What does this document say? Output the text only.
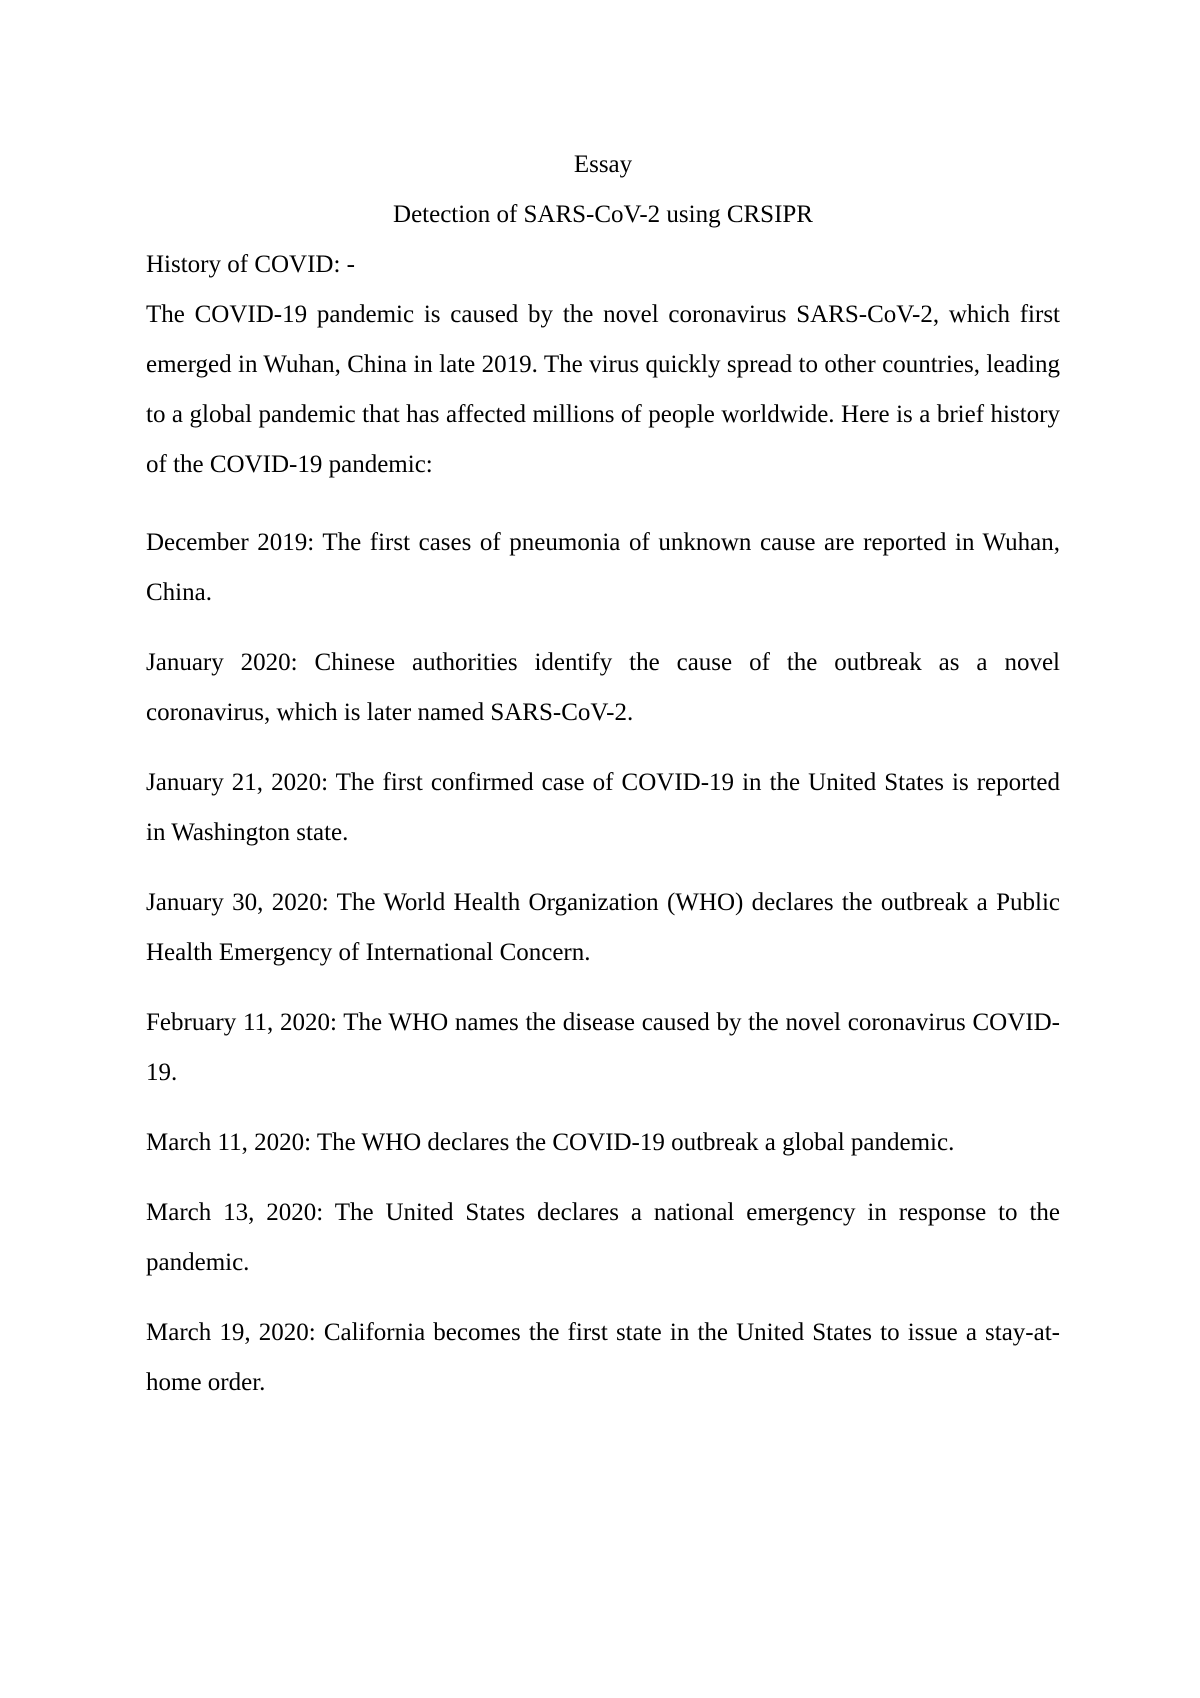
Essay

Detection of SARS-CoV-2 using CRSIPR

History of COVID: -

The COVID-19 pandemic is caused by the novel coronavirus SARS-CoV-2, which first emerged in Wuhan, China in late 2019. The virus quickly spread to other countries, leading to a global pandemic that has affected millions of people worldwide. Here is a brief history of the COVID-19 pandemic:

December 2019: The first cases of pneumonia of unknown cause are reported in Wuhan, China.

January 2020: Chinese authorities identify the cause of the outbreak as a novel coronavirus, which is later named SARS-CoV-2.

January 21, 2020: The first confirmed case of COVID-19 in the United States is reported in Washington state.

January 30, 2020: The World Health Organization (WHO) declares the outbreak a Public Health Emergency of International Concern.

February 11, 2020: The WHO names the disease caused by the novel coronavirus COVID-19.

March 11, 2020: The WHO declares the COVID-19 outbreak a global pandemic.

March 13, 2020: The United States declares a national emergency in response to the pandemic.

March 19, 2020: California becomes the first state in the United States to issue a stay-at-home order.
